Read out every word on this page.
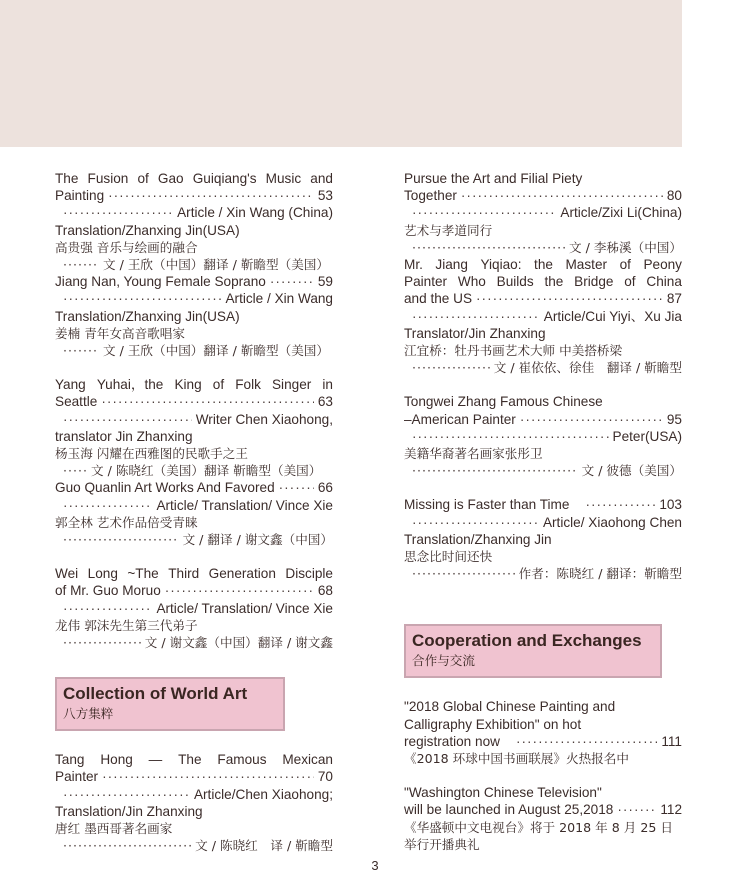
The Fusion of Gao Guiqiang's Music and
Painting ·····	53
·····
Article / Xin Wang (China)
Translation/Zhanxing Jin(USA)
高贵强 音乐与绘画的融合
·····
文 / 王欣（中国）翻译 / 靳瞻型（美国）
Jiang Nan, Young Female Soprano ·····	59
·····
Article / Xin Wang
Translation/Zhanxing Jin(USA)
姜楠 青年女高音歌唱家
·····
文 / 王欣（中国）翻译 / 靳瞻型（美国）
Yang Yuhai，the King of Folk Singer in
Seattle ·····	63
·····
Writer Chen Xiaohong,
translator Jin Zhanxing
杨玉海 闪耀在西雅图的民歌手之王
·····
文 / 陈晓红（美国）翻译 靳瞻型（美国）
Guo Quanlin Art Works And Favored ·····	66
·····
Article/ Translation/ Vince Xie
郭全林 艺术作品倍受青睐
·····
文 / 翻译 / 谢文鑫（中国）
Wei Long ~The Third Generation Disciple
of Mr. Guo Moruo ·····	68
·····
Article/ Translation/ Vince Xie
龙伟 郭沫先生第三代弟子
·····
文 / 谢文鑫（中国）翻译 / 谢文鑫
Collection of World Art
八方集粹
Tang Hong — The Famous Mexican
Painter ·····	70
·····
Article/Chen Xiaohong;
Translation/Jin Zhanxing
唐红 墨西哥著名画家
·····
文 / 陈晓红　译 / 靳瞻型
Pursue the Art and Filial Piety
Together ·····	80
·····
Article/Zixi Li(China)
艺术与孝道同行
·····
文 / 李秭溪（中国）
Mr. Jiang Yiqiao: the Master of Peony
Painter Who Builds the Bridge of China
and the US ·····	87
·····
Article/Cui Yiyi、Xu Jia
Translator/Jin Zhanxing
江宜桥：牡丹书画艺术大师 中美搭桥梁
·····
文 / 崔依依、徐佳　翻译 / 靳瞻型
Tongwei Zhang Famous Chinese
–American Painter ·····	95
·····
Peter(USA)
美籍华裔著名画家张彤卫
·····
文 / 彼德（美国）
Missing is Faster than Time ·····	103
·····
Article/ Xiaohong Chen
Translation/Zhanxing Jin
思念比时间还快
·····
作者：陈晓红 / 翻译：靳瞻型
Cooperation and Exchanges
合作与交流
"2018 Global Chinese Painting and
Calligraphy Exhibition" on hot
registration now ·····	111
《2018 环球中国书画联展》火热报名中
"Washington Chinese Television"
will be launched in August 25,2018 ·····	112
《华盛顿中文电视台》将于 2018 年 8 月 25 日
举行开播典礼
3
